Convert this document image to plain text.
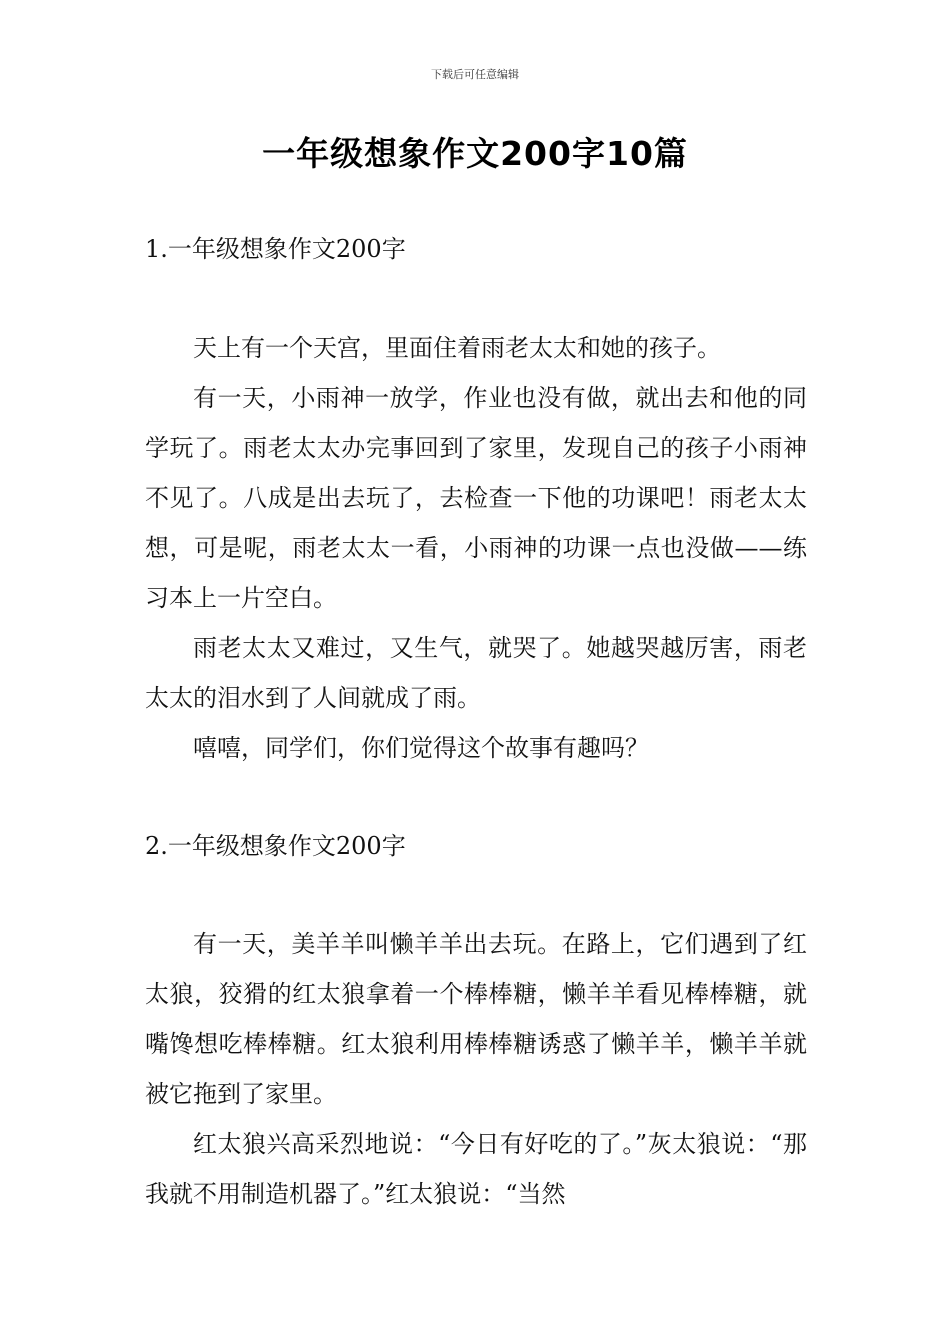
下载后可任意编辑
一年级想象作文200字10篇
1.一年级想象作文200字

天上有一个天宫，里面住着雨老太太和她的孩子。

有一天，小雨神一放学，作业也没有做，就出去和他的同学玩了。雨老太太办完事回到了家里，发现自己的孩子小雨神不见了。八成是出去玩了，去检查一下他的功课吧！雨老太太想，可是呢，雨老太太一看，小雨神的功课一点也没做——练习本上一片空白。

雨老太太又难过，又生气，就哭了。她越哭越厉害，雨老太太的泪水到了人间就成了雨。

嘻嘻，同学们，你们觉得这个故事有趣吗？

2.一年级想象作文200字

有一天，美羊羊叫懒羊羊出去玩。在路上，它们遇到了红太狼，狡猾的红太狼拿着一个棒棒糖，懒羊羊看见棒棒糖，就嘴馋想吃棒棒糖。红太狼利用棒棒糖诱惑了懒羊羊，懒羊羊就被它拖到了家里。

红太狼兴高采烈地说：“今日有好吃的了。”灰太狼说：“那我就不用制造机器了。”红太狼说：“当然
